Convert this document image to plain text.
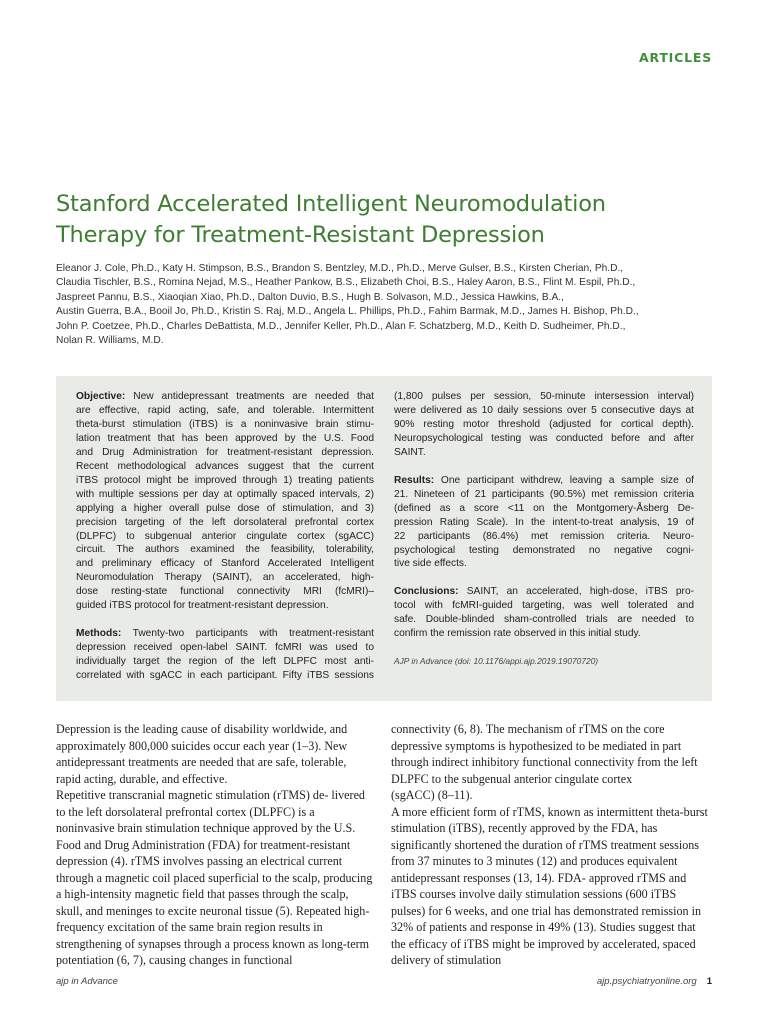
ARTICLES
Stanford Accelerated Intelligent Neuromodulation
Therapy for Treatment-Resistant Depression
Eleanor J. Cole, Ph.D., Katy H. Stimpson, B.S., Brandon S. Bentzley, M.D., Ph.D., Merve Gulser, B.S., Kirsten Cherian, Ph.D.,
Claudia Tischler, B.S., Romina Nejad, M.S., Heather Pankow, B.S., Elizabeth Choi, B.S., Haley Aaron, B.S., Flint M. Espil, Ph.D.,
Jaspreet Pannu, B.S., Xiaoqian Xiao, Ph.D., Dalton Duvio, B.S., Hugh B. Solvason, M.D., Jessica Hawkins, B.A.,
Austin Guerra, B.A., Booil Jo, Ph.D., Kristin S. Raj, M.D., Angela L. Phillips, Ph.D., Fahim Barmak, M.D., James H. Bishop, Ph.D.,
John P. Coetzee, Ph.D., Charles DeBattista, M.D., Jennifer Keller, Ph.D., Alan F. Schatzberg, M.D., Keith D. Sudheimer, Ph.D.,
Nolan R. Williams, M.D.
Objective: New antidepressant treatments are needed that
are effective, rapid acting, safe, and tolerable. Intermittent
theta-burst stimulation (iTBS) is a noninvasive brain stimu-
lation treatment that has been approved by the U.S. Food
and Drug Administration for treatment-resistant depression.
Recent methodological advances suggest that the current
iTBS protocol might be improved through 1) treating patients
with multiple sessions per day at optimally spaced intervals, 2)
applying a higher overall pulse dose of stimulation, and 3)
precision targeting of the left dorsolateral prefrontal cortex
(DLPFC) to subgenual anterior cingulate cortex (sgACC)
circuit. The authors examined the feasibility, tolerability,
and preliminary efficacy of Stanford Accelerated Intelligent
Neuromodulation Therapy (SAINT), an accelerated, high-
dose resting-state functional connectivity MRI (fcMRI)–
guided iTBS protocol for treatment-resistant depression.
Methods: Twenty-two participants with treatment-resistant
depression received open-label SAINT. fcMRI was used to
individually target the region of the left DLPFC most anti-
correlated with sgACC in each participant. Fifty iTBS sessions
(1,800 pulses per session, 50-minute intersession interval)
were delivered as 10 daily sessions over 5 consecutive days at
90% resting motor threshold (adjusted for cortical depth).
Neuropsychological testing was conducted before and after
SAINT.
Results: One participant withdrew, leaving a sample size of
21. Nineteen of 21 participants (90.5%) met remission criteria
(defined as a score <11 on the Montgomery-Åsberg De-
pression Rating Scale). In the intent-to-treat analysis, 19 of
22 participants (86.4%) met remission criteria. Neuro-
psychological testing demonstrated no negative cogni-
tive side effects.
Conclusions: SAINT, an accelerated, high-dose, iTBS pro-
tocol with fcMRI-guided targeting, was well tolerated and
safe. Double-blinded sham-controlled trials are needed to
confirm the remission rate observed in this initial study.
AJP in Advance (doi: 10.1176/appi.ajp.2019.19070720)
Depression is the leading cause of disability worldwide, and approximately 800,000 suicides occur each year (1–3). New antidepressant treatments are needed that are safe, tolerable,
rapid acting, durable, and effective.
Repetitive transcranial magnetic stimulation (rTMS) de- livered to the left dorsolateral prefrontal cortex (DLPFC) is a noninvasive brain stimulation technique approved by the U.S. Food and Drug Administration (FDA) for treatment-resistant depression (4). rTMS involves passing an electrical current through a magnetic coil placed superficial to the scalp, producing a high-intensity magnetic field that passes through the scalp, skull, and meninges to excite neuronal tissue (5). Repeated high-frequency excitation of the same brain region results in strengthening of synapses through a process known as long-term potentiation (6, 7), causing changes in functional
connectivity (6, 8). The mechanism of rTMS on the core depressive symptoms is hypothesized to be mediated in part through indirect inhibitory functional connectivity from the left DLPFC to the subgenual anterior cingulate cortex
(sgACC) (8–11).
A more efficient form of rTMS, known as intermittent theta-burst stimulation (iTBS), recently approved by the FDA, has significantly shortened the duration of rTMS treatment sessions from 37 minutes to 3 minutes (12) and produces equivalent antidepressant responses (13, 14). FDA- approved rTMS and iTBS courses involve daily stimulation sessions (600 iTBS pulses) for 6 weeks, and one trial has demonstrated remission in 32% of patients and response in 49% (13). Studies suggest that the efficacy of iTBS might be improved by accelerated, spaced delivery of stimulation
ajp in Advance	ajp.psychiatryonline.org 1
